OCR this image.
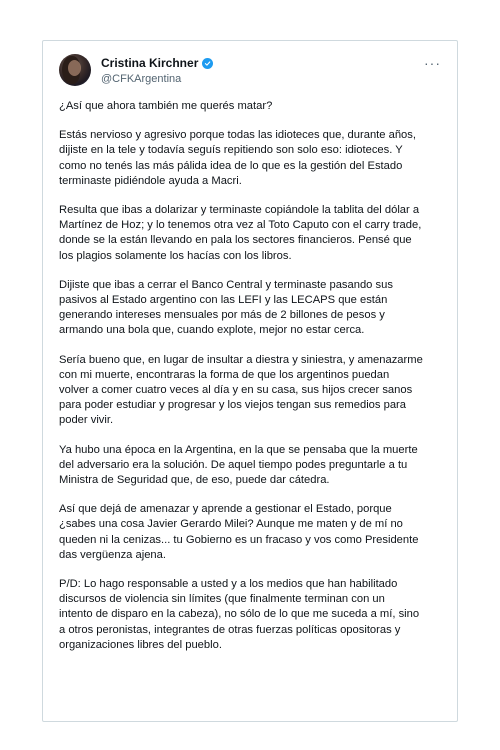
Cristina Kirchner
@CFKArgentina
···

¿Así que ahora también me querés matar?

Estás nervioso y agresivo porque todas las idioteces que, durante años,
dijiste en la tele y todavía seguís repitiendo son solo eso: idioteces. Y
como no tenés las más pálida idea de lo que es la gestión del Estado
terminaste pidiéndole ayuda a Macri.

Resulta que ibas a dolarizar y terminaste copiándole la tablita del dólar a
Martínez de Hoz; y lo tenemos otra vez al Toto Caputo con el carry trade,
donde se la están llevando en pala los sectores financieros. Pensé que
los plagios solamente los hacías con los libros.

Dijiste que ibas a cerrar el Banco Central y terminaste pasando sus
pasivos al Estado argentino con las LEFI y las LECAPS que están
generando intereses mensuales por más de 2 billones de pesos y
armando una bola que, cuando explote, mejor no estar cerca.

Sería bueno que, en lugar de insultar a diestra y siniestra, y amenazarme
con mi muerte, encontraras la forma de que los argentinos puedan
volver a comer cuatro veces al día y en su casa, sus hijos crecer sanos
para poder estudiar y progresar y los viejos tengan sus remedios para
poder vivir.

Ya hubo una época en la Argentina, en la que se pensaba que la muerte
del adversario era la solución. De aquel tiempo podes preguntarle a tu
Ministra de Seguridad que, de eso, puede dar cátedra.

Así que dejá de amenazar y aprende a gestionar el Estado, porque
¿sabes una cosa Javier Gerardo Milei? Aunque me maten y de mí no
queden ni la cenizas... tu Gobierno es un fracaso y vos como Presidente
das vergüenza ajena.

P/D: Lo hago responsable a usted y a los medios que han habilitado
discursos de violencia sin límites (que finalmente terminan con un
intento de disparo en la cabeza), no sólo de lo que me suceda a mí, sino
a otros peronistas, integrantes de otras fuerzas políticas opositoras y
organizaciones libres del pueblo.
